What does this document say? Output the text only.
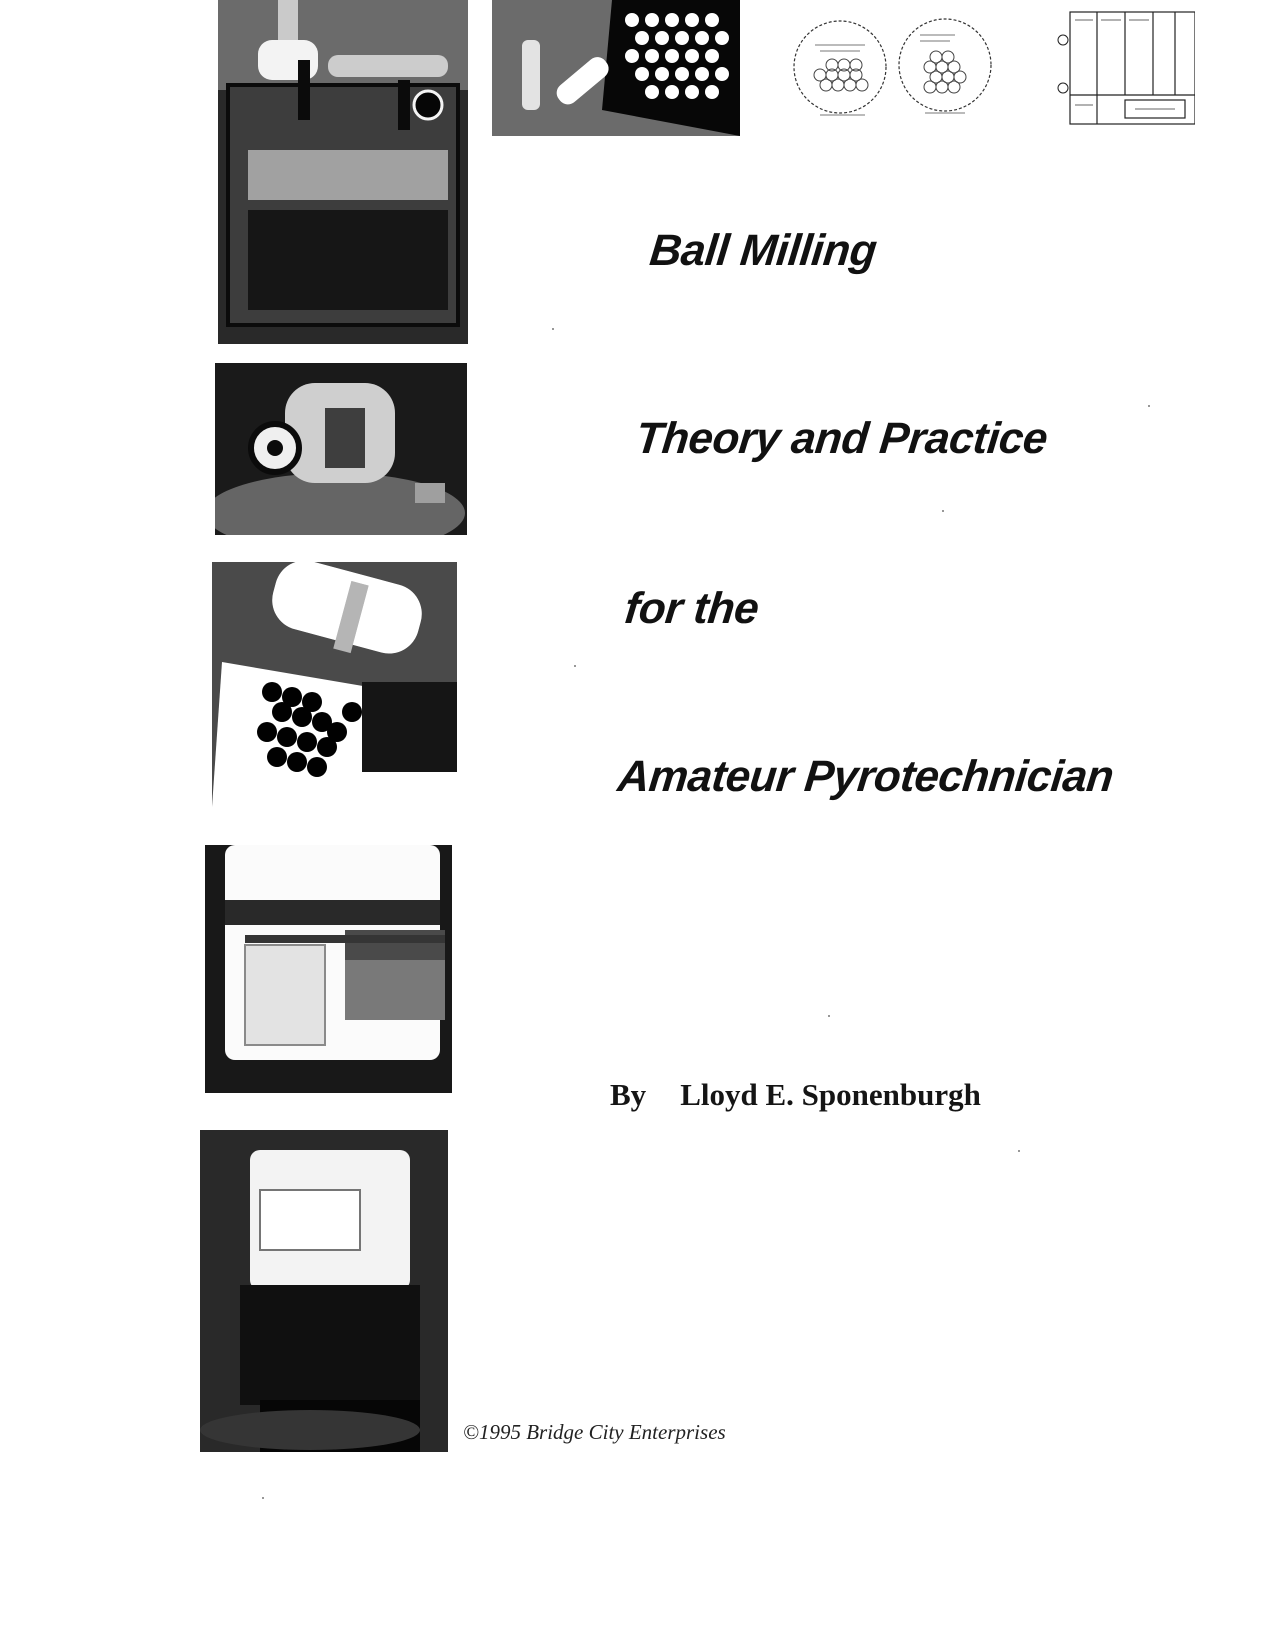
Ball Milling
Theory and Practice
for the
Amateur Pyrotechnician

By Lloyd E. Sponenburgh

©1995 Bridge City Enterprises
